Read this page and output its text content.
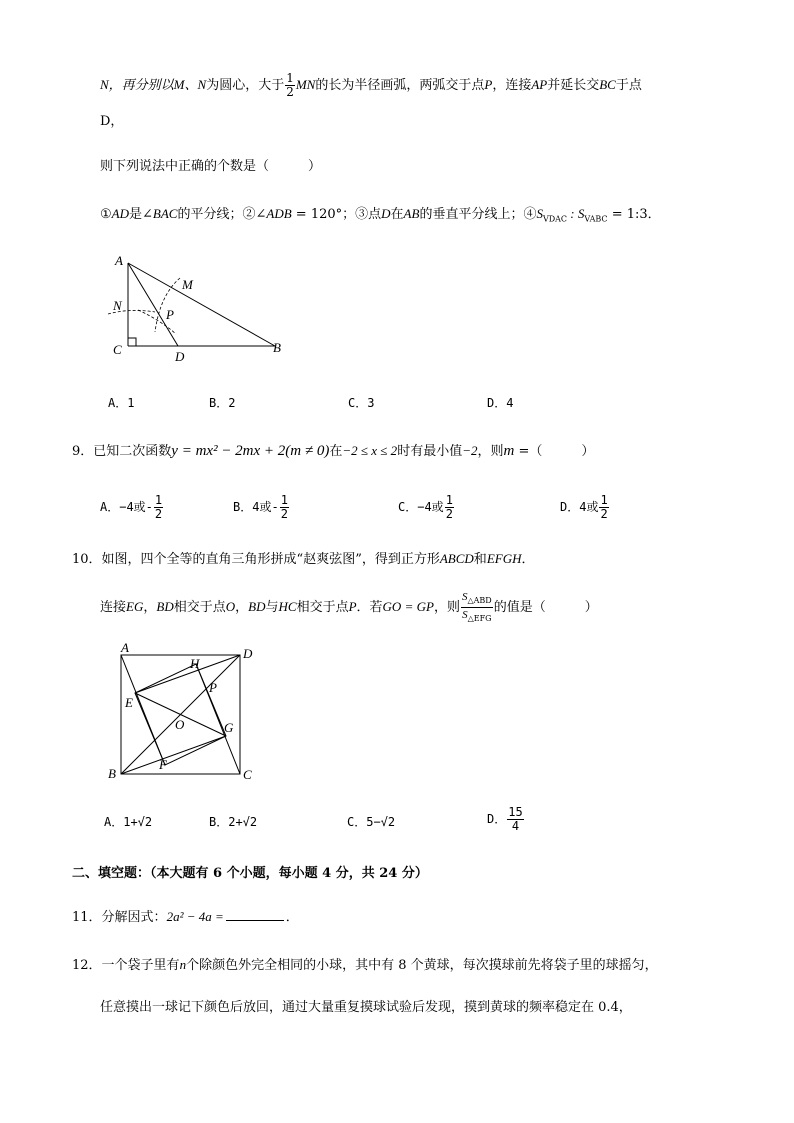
N，再分别以M、N为圆心，大于 $\frac{1}{2}$ MN的长为半径画弧，两弧交于点P，连接AP并延长交BC于点
D，
则下列说法中正确的个数是（　　　）
①AD是∠BAC的平分线；②∠ADB = 120°；③点D在AB的垂直平分线上；$④S_{VDAC}$ : $S_{VABC}$ = 1:3．
A
N
M
P
C	D
B
A．1	B．2	C．3	D．4
9．已知二次函数y = mx² − 2mx + 2(m ≠ 0)在−2 ≤ x ≤ 2时有最小值−2，则m =（　　　）
A．−4或- $\frac{1}{2}$	B．4或- $\frac{1}{2}$	C．−4或 $\frac{1}{2}$	D．4或 $\frac{1}{2}$
10．如图，四个全等的直角三角形拼成“赵爽弦图”，得到正方形ABCD和EFGH．
连接EG，BD相交于点O，BD与HC相交于点P．若GO = GP，则 $\frac{S_{\triangle ABD}}{S_{\triangle EFG}}$ 的值是（　　　）
A	D
B	C
E
F
G
H
O
P
A．1+√2	B．2+√2	C．5−√2	D． $\frac{15}{4}$
二、填空题：（本大题有 6 个小题，每小题 4 分，共 24 分）
11．分解因式：2a² − 4a =	．
12．一个袋子里有n个除颜色外完全相同的小球，其中有 8 个黄球，每次摸球前先将袋子里的球摇匀，
任意摸出一球记下颜色后放回，通过大量重复摸球试验后发现，摸到黄球的频率稳定在 0.4，
